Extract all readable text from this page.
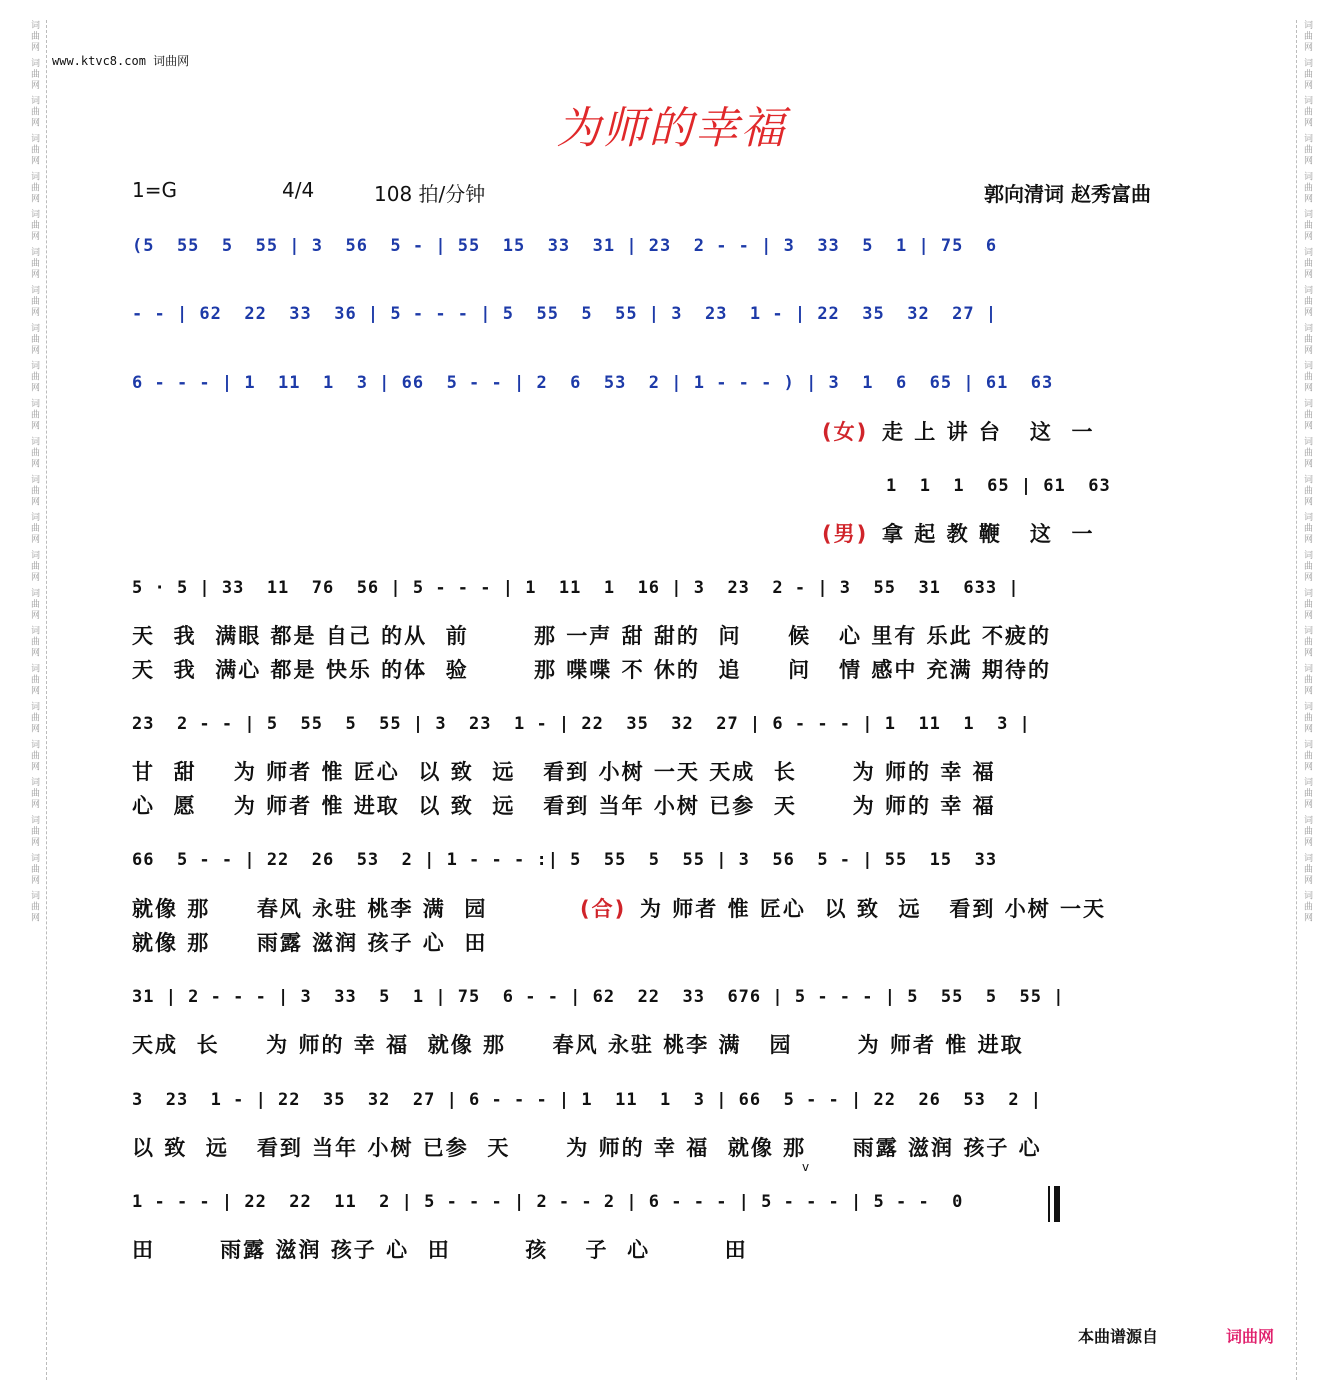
词曲网 词曲网 词曲网 词曲网 词曲网 词曲网 词曲网 词曲网 词曲网 词曲网 词曲网 词曲网 词曲网 词曲网 词曲网 词曲网 词曲网 词曲网 词曲网 词曲网 词曲网 词曲网 词曲网 词曲网	词曲网 词曲网 词曲网 词曲网 词曲网 词曲网 词曲网 词曲网 词曲网 词曲网 词曲网 词曲网 词曲网 词曲网 词曲网 词曲网 词曲网 词曲网 词曲网 词曲网 词曲网 词曲网 词曲网 词曲网
www.ktvc8.com 词曲网
为师的幸福
1=G	4/4	108 拍/分钟	郭向清词 赵秀富曲
(5  55  5  55 | 3  56  5 - | 55  15  33  31 | 23  2 - - | 3  33  5  1 | 75  6
- - | 62  22  33  36 | 5 - - - | 5  55  5  55 | 3  23  1 - | 22  35  32  27 |
6 - - - | 1  11  1  3 | 66  5 - - | 2  6  53  2 | 1 - - - ) | 3  1  6  65 | 61  63
(女) 走 上 讲 台   这  一
1  1  1  65 | 61  63
(男) 拿 起 教 鞭   这  一
5 · 5 | 33  11  76  56 | 5 - - - | 1  11  1  16 | 3  23  2 - | 3  55  31  633 |
天  我  满眼 都是 自己 的从  前       那 一声 甜 甜的  问     候   心 里有 乐此 不疲的
天  我  满心 都是 快乐 的体  验       那 喋喋 不 休的  追     问   情 感中 充满 期待的
23  2 - - | 5  55  5  55 | 3  23  1 - | 22  35  32  27 | 6 - - - | 1  11  1  3 |
甘  甜    为 师者 惟 匠心  以 致  远   看到 小树 一天 天成  长      为 师的 幸 福
心  愿    为 师者 惟 进取  以 致  远   看到 当年 小树 已参  天      为 师的 幸 福
66  5 - - | 22  26  53  2 | 1 - - - :| 5  55  5  55 | 3  56  5 - | 55  15  33
就像 那     春风 永驻 桃李 满  园	(合) 为 师者 惟 匠心  以 致  远   看到 小树 一天
就像 那     雨露 滋润 孩子 心  田
31 | 2 - - - | 3  33  5  1 | 75  6 - - | 62  22  33  676 | 5 - - - | 5  55  5  55 |
天成  长     为 师的 幸 福  就像 那     春风 永驻 桃李 满   园       为 师者 惟 进取
3  23  1 - | 22  35  32  27 | 6 - - - | 1  11  1  3 | 66  5 - - | 22  26  53  2 |
以 致  远   看到 当年 小树 已参  天      为 师的 幸 福  就像 那     雨露 滋润 孩子 心
v
1 - - - | 22  22  11  2 | 5 - - - | 2 - - 2 | 6 - - - | 5 - - - | 5 - -  0
田       雨露 滋润 孩子 心  田        孩    子  心        田
本曲谱源自	词曲网
